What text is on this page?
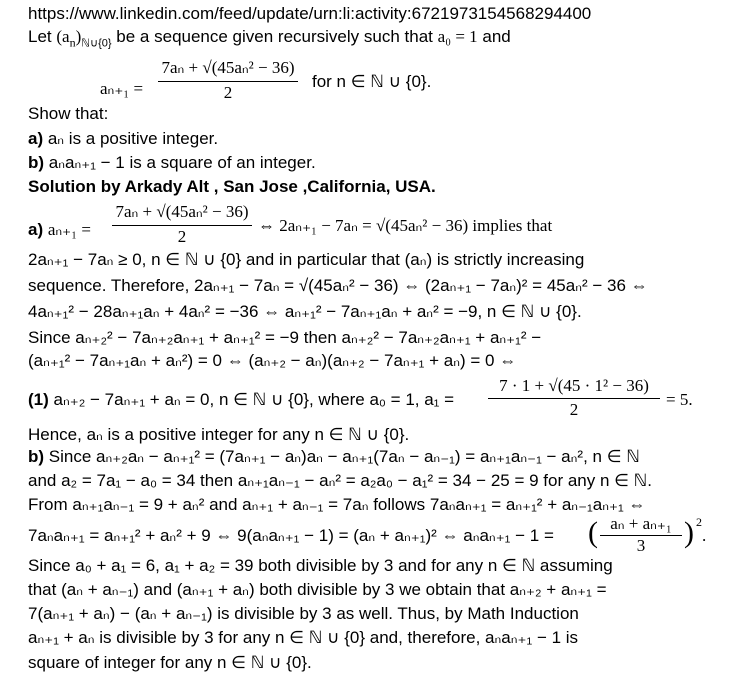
https://www.linkedin.com/feed/update/urn:li:activity:6721973154568294400
Let $(a_n)_{ℕ\cup\{0\}}$ be a sequence given recursively such that a₀ = 1 and
aₙ₊₁ =
7aₙ + √(45aₙ² − 36)
2
for n ∈ ℕ ∪ {0}.
Show that:
a) aₙ is a positive integer.
b) aₙaₙ₊₁ − 1 is a square of an integer.
Solution by Arkady Alt , San Jose ,California, USA.
a) aₙ₊₁ =
7aₙ + √(45aₙ² − 36)
2
⇔ 2aₙ₊₁ − 7aₙ = √(45aₙ² − 36) implies that
2aₙ₊₁ − 7aₙ ≥ 0, n ∈ ℕ ∪ {0} and in particular that (aₙ) is strictly increasing
sequence. Therefore, 2aₙ₊₁ − 7aₙ = √(45aₙ² − 36) ⇔ (2aₙ₊₁ − 7aₙ)² = 45aₙ² − 36 ⇔
4aₙ₊₁² − 28aₙ₊₁aₙ + 4aₙ² = −36 ⇔ aₙ₊₁² − 7aₙ₊₁aₙ + aₙ² = −9, n ∈ ℕ ∪ {0}.
Since aₙ₊₂² − 7aₙ₊₂aₙ₊₁ + aₙ₊₁² = −9 then aₙ₊₂² − 7aₙ₊₂aₙ₊₁ + aₙ₊₁² −
(aₙ₊₁² − 7aₙ₊₁aₙ + aₙ²) = 0 ⇔ (aₙ₊₂ − aₙ)(aₙ₊₂ − 7aₙ₊₁ + aₙ) = 0 ⇔
(1) aₙ₊₂ − 7aₙ₊₁ + aₙ = 0, n ∈ ℕ ∪ {0}, where a₀ = 1, a₁ =
7 · 1 + √(45 · 1² − 36)
2
= 5.
Hence, aₙ is a positive integer for any n ∈ ℕ ∪ {0}.
b) Since aₙ₊₂aₙ − aₙ₊₁² = (7aₙ₊₁ − aₙ)aₙ − aₙ₊₁(7aₙ − aₙ₋₁) = aₙ₊₁aₙ₋₁ − aₙ², n ∈ ℕ
and a₂ = 7a₁ − a₀ = 34 then aₙ₊₁aₙ₋₁ − aₙ² = a₂a₀ − a₁² = 34 − 25 = 9 for any n ∈ ℕ.
From aₙ₊₁aₙ₋₁ = 9 + aₙ² and aₙ₊₁ + aₙ₋₁ = 7aₙ follows 7aₙaₙ₊₁ = aₙ₊₁² + aₙ₋₁aₙ₊₁ ⇔
7aₙaₙ₊₁ = aₙ₊₁² + aₙ² + 9 ⇔ 9(aₙaₙ₊₁ − 1) = (aₙ + aₙ₊₁)² ⇔ aₙaₙ₊₁ − 1 = ( aₙ + aₙ₊₁
3	) 2
.
Since a₀ + a₁ = 6, a₁ + a₂ = 39 both divisible by 3 and for any n ∈ ℕ assuming
that (aₙ + aₙ₋₁) and (aₙ₊₁ + aₙ) both divisible by 3 we obtain that aₙ₊₂ + aₙ₊₁ =
7(aₙ₊₁ + aₙ) − (aₙ + aₙ₋₁) is divisible by 3 as well. Thus, by Math Induction
aₙ₊₁ + aₙ is divisible by 3 for any n ∈ ℕ ∪ {0} and, therefore, aₙaₙ₊₁ − 1 is
square of integer for any n ∈ ℕ ∪ {0}.
